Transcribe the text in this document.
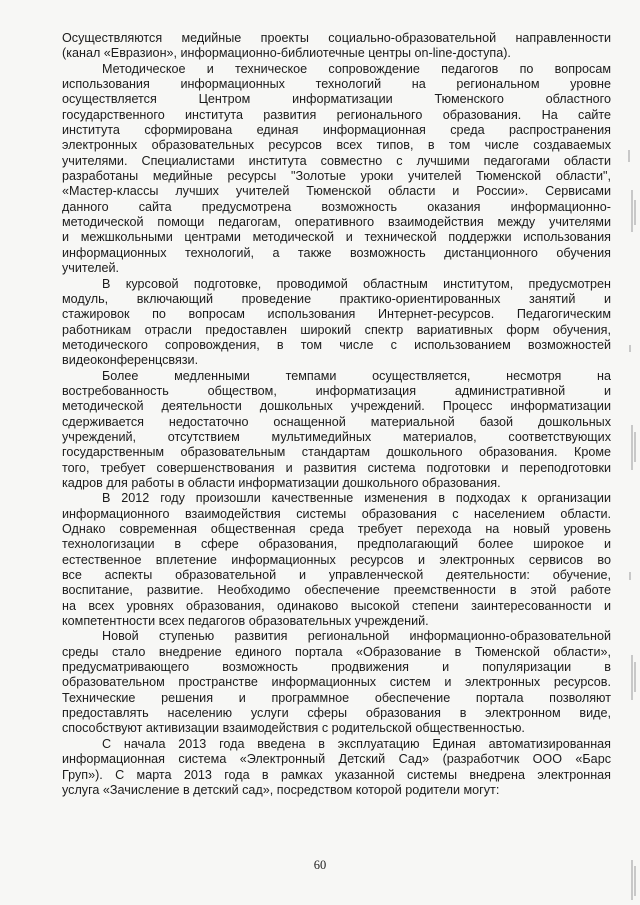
Осуществляются медийные проекты социально-образовательной направленности
(канал «Евразион», информационно-библиотечные центры on-line-доступа).
Методическое и техническое сопровождение педагогов по вопросам
использования информационных технологий на региональном уровне
осуществляется Центром информатизации Тюменского областного
государственного института развития регионального образования. На сайте
института сформирована единая информационная среда распространения
электронных образовательных ресурсов всех типов, в том числе создаваемых
учителями. Специалистами института совместно с лучшими педагогами области
разработаны медийные ресурсы "Золотые уроки учителей Тюменской области",
«Мастер-классы лучших учителей Тюменской области и России». Сервисами
данного сайта предусмотрена возможность оказания информационно-
методической помощи педагогам, оперативного взаимодействия между учителями
и межшкольными центрами методической и технической поддержки использования
информационных технологий, а также возможность дистанционного обучения
учителей.
В курсовой подготовке, проводимой областным институтом, предусмотрен
модуль, включающий проведение практико-ориентированных занятий и
стажировок по вопросам использования Интернет-ресурсов. Педагогическим
работникам отрасли предоставлен широкий спектр вариативных форм обучения,
методического сопровождения, в том числе с использованием возможностей
видеоконференцсвязи.
Более медленными темпами осуществляется, несмотря на
востребованность обществом, информатизация административной и
методической деятельности дошкольных учреждений. Процесс информатизации
сдерживается недостаточно оснащенной материальной базой дошкольных
учреждений, отсутствием мультимедийных материалов, соответствующих
государственным образовательным стандартам дошкольного образования. Кроме
того, требует совершенствования и развития система подготовки и переподготовки
кадров для работы в области информатизации дошкольного образования.
В 2012 году произошли качественные изменения в подходах к организации
информационного взаимодействия системы образования с населением области.
Однако современная общественная среда требует перехода на новый уровень
технологизации в сфере образования, предполагающий более широкое и
естественное вплетение информационных ресурсов и электронных сервисов во
все аспекты образовательной и управленческой деятельности: обучение,
воспитание, развитие. Необходимо обеспечение преемственности в этой работе
на всех уровнях образования, одинаково высокой степени заинтересованности и
компетентности всех педагогов образовательных учреждений.
Новой ступенью развития региональной информационно-образовательной
среды стало внедрение единого портала «Образование в Тюменской области»,
предусматривающего возможность продвижения и популяризации в
образовательном пространстве информационных систем и электронных ресурсов.
Технические решения и программное обеспечение портала позволяют
предоставлять населению услуги сферы образования в электронном виде,
способствуют активизации взаимодействия с родительской общественностью.
С начала 2013 года введена в эксплуатацию Единая автоматизированная
информационная система «Электронный Детский Сад» (разработчик ООО «Барс
Груп»). С марта 2013 года в рамках указанной системы внедрена электронная
услуга «Зачисление в детский сад», посредством которой родители могут:
60
